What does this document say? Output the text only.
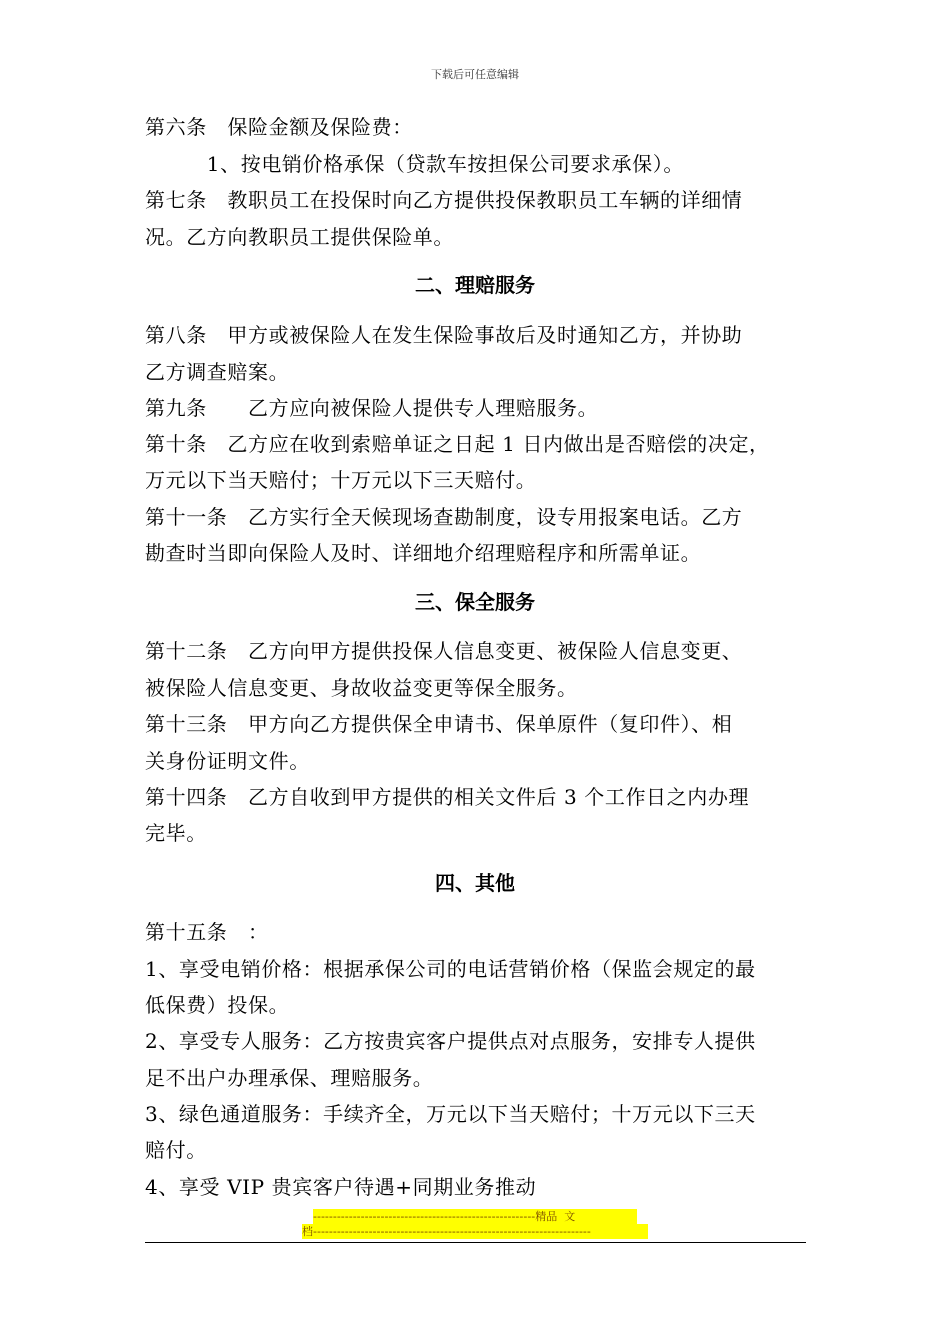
下载后可任意编辑
第六条　保险金额及保险费：
　　　1、按电销价格承保（贷款车按担保公司要求承保）。
第七条　教职员工在投保时向乙方提供投保教职员工车辆的详细情
况。乙方向教职员工提供保险单。
二、理赔服务
第八条　甲方或被保险人在发生保险事故后及时通知乙方，并协助
乙方调查赔案。
第九条　　乙方应向被保险人提供专人理赔服务。
第十条　乙方应在收到索赔单证之日起 1 日内做出是否赔偿的决定，
万元以下当天赔付；十万元以下三天赔付。
第十一条　乙方实行全天候现场查勘制度，设专用报案电话。乙方
勘查时当即向保险人及时、详细地介绍理赔程序和所需单证。
三、保全服务
第十二条　乙方向甲方提供投保人信息变更、被保险人信息变更、
被保险人信息变更、身故收益变更等保全服务。
第十三条　甲方向乙方提供保全申请书、保单原件（复印件）、相
关身份证明文件。
第十四条　乙方自收到甲方提供的相关文件后 3 个工作日之内办理
完毕。
四、其他
第十五条　：
1、享受电销价格：根据承保公司的电话营销价格（保监会规定的最
低保费）投保。
2、享受专人服务：乙方按贵宾客户提供点对点服务，安排专人提供
足不出户办理承保、理赔服务。
3、绿色通道服务：手续齐全，万元以下当天赔付；十万元以下三天
赔付。
4、享受 VIP 贵宾客户待遇+同期业务推动
--------------------------------------------------------精品  文
档----------------------------------------------------------------------
